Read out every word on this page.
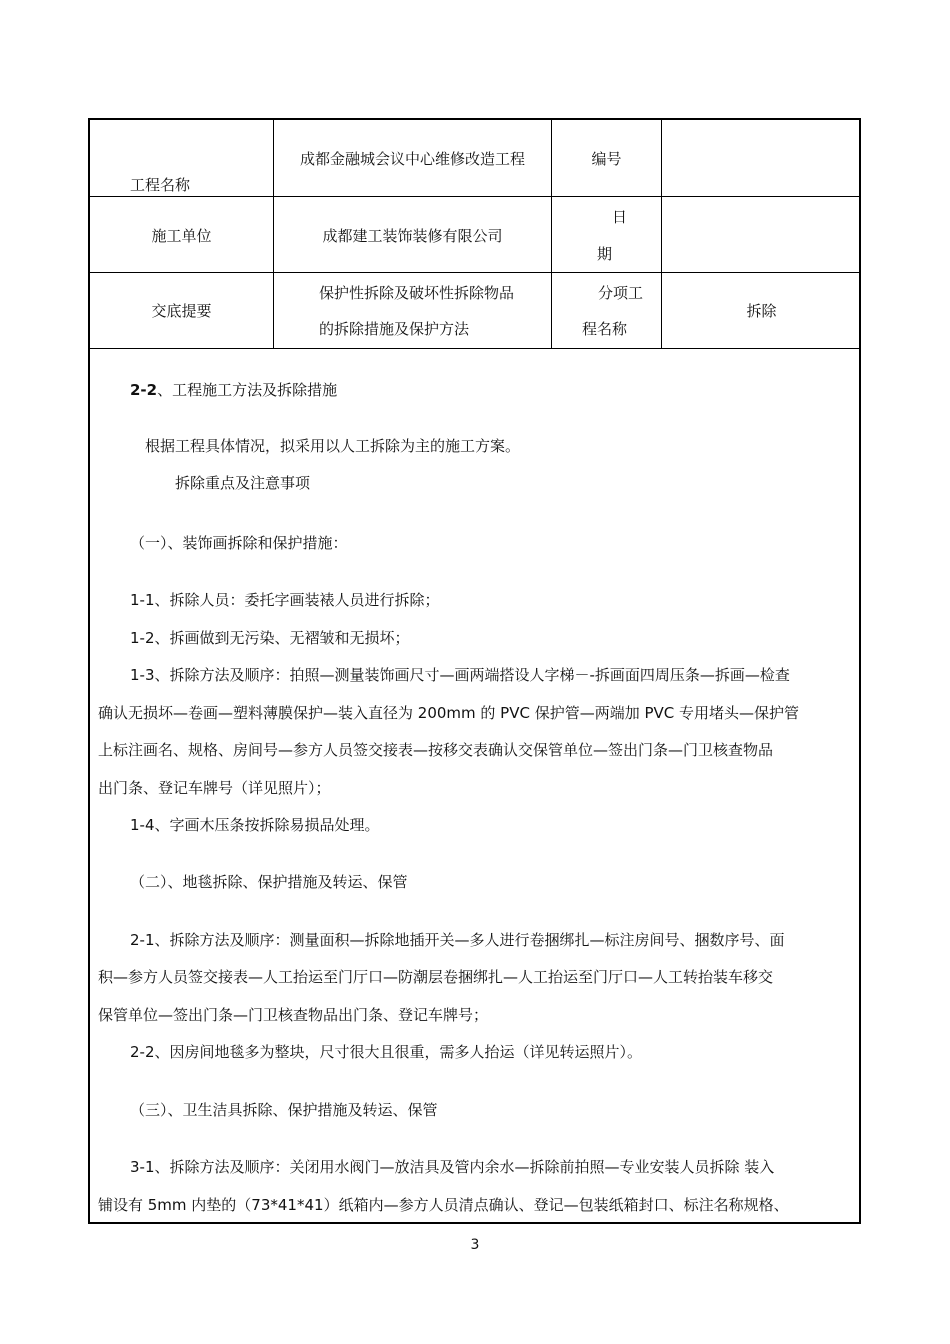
工程名称
成都金融城会议中心维修改造工程	编号
施工单位	成都建工装饰装修有限公司
日
期
交底提要
保护性拆除及破坏性拆除物品
的拆除措施及保护方法
分项工
程名称
拆除
2-2、工程施工方法及拆除措施
根据工程具体情况，拟采用以人工拆除为主的施工方案。
拆除重点及注意事项
（一）、装饰画拆除和保护措施：
1-1、拆除人员：委托字画装裱人员进行拆除；
1-2、拆画做到无污染、无褶皱和无损坏；
1-3、拆除方法及顺序：拍照—测量装饰画尺寸—画两端搭设人字梯－-拆画面四周压条—拆画—检查
确认无损坏—卷画—塑料薄膜保护—装入直径为 200mm 的 PVC 保护管—两端加 PVC 专用堵头—保护管
上标注画名、规格、房间号—参方人员签交接表—按移交表确认交保管单位—签出门条—门卫核查物品
出门条、登记车牌号（详见照片）；
1-4、字画木压条按拆除易损品处理。
（二）、地毯拆除、保护措施及转运、保管
2-1、拆除方法及顺序：测量面积—拆除地插开关—多人进行卷捆绑扎—标注房间号、捆数序号、面
积—参方人员签交接表—人工抬运至门厅口—防潮层卷捆绑扎—人工抬运至门厅口—人工转抬装车移交
保管单位—签出门条—门卫核查物品出门条、登记车牌号；
2-2、因房间地毯多为整块，尺寸很大且很重，需多人抬运（详见转运照片）。
（三）、卫生洁具拆除、保护措施及转运、保管
3-1、拆除方法及顺序：关闭用水阀门—放洁具及管内余水—拆除前拍照—专业安装人员拆除 装入
铺设有 5mm 内垫的（73*41*41）纸箱内—参方人员清点确认、登记—包装纸箱封口、标注名称规格、
3
